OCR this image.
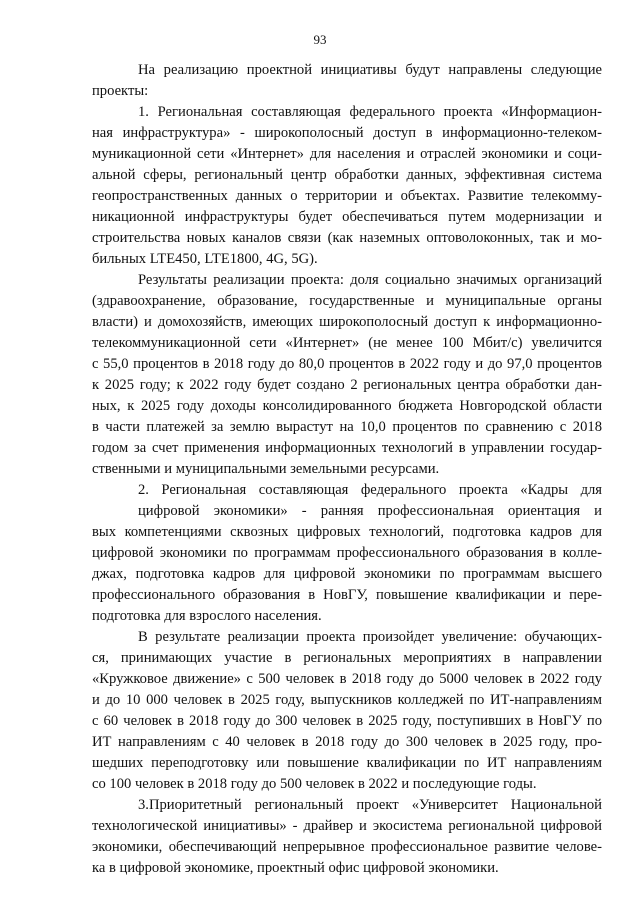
93
На реализацию проектной инициативы будут направлены следующие
проекты:
1. Региональная составляющая федерального проекта «Информацион-
ная инфраструктура» - широкополосный доступ в информационно-телеком-
муникационной сети «Интернет» для населения и отраслей экономики и соци-
альной сферы, региональный центр обработки данных, эффективная система
геопространственных данных о территории и объектах. Развитие телекомму-
никационной инфраструктуры будет обеспечиваться путем модернизации и
строительства новых каналов связи (как наземных оптоволоконных, так и мо-
бильных LTE450, LTE1800, 4G, 5G).
Результаты реализации проекта: доля социально значимых организаций
(здравоохранение, образование, государственные и муниципальные органы
власти) и домохозяйств, имеющих широкополосный доступ к информационно-
телекоммуникационной сети «Интернет» (не менее 100 Мбит/с) увеличится
с 55,0 процентов в 2018 году до 80,0 процентов в 2022 году и до 97,0 процентов
к 2025 году; к 2022 году будет создано 2 региональных центра обработки дан-
ных, к 2025 году доходы консолидированного бюджета Новгородской области
в части платежей за землю вырастут на 10,0 процентов по сравнению с 2018
годом за счет применения информационных технологий в управлении государ-
ственными и муниципальными земельными ресурсами.
2. Региональная составляющая федерального проекта «Кадры для цифровой экономики» - ранняя профессиональная ориентация и
вых компетенциями сквозных цифровых технологий, подготовка кадров для
цифровой экономики по программам профессионального образования в колле-
джах, подготовка кадров для цифровой экономики по программам высшего
профессионального образования в НовГУ, повышение квалификации и пере-
подготовка для взрослого населения.
В результате реализации проекта произойдет увеличение: обучающих-
ся, принимающих участие в региональных мероприятиях в направлении
«Кружковое движение» с 500 человек в 2018 году до 5000 человек в 2022 году
и до 10 000 человек в 2025 году, выпускников колледжей по ИТ-направлениям
с 60 человек в 2018 году до 300 человек в 2025 году, поступивших в НовГУ по
ИТ направлениям с 40 человек в 2018 году до 300 человек в 2025 году, про-
шедших переподготовку или повышение квалификации по ИТ направлениям
со 100 человек в 2018 году до 500 человек в 2022 и последующие годы.
3.Приоритетный региональный проект «Университет Национальной
технологической инициативы» - драйвер и экосистема региональной цифровой
экономики, обеспечивающий непрерывное профессиональное развитие челове-
ка в цифровой экономике, проектный офис цифровой экономики.
